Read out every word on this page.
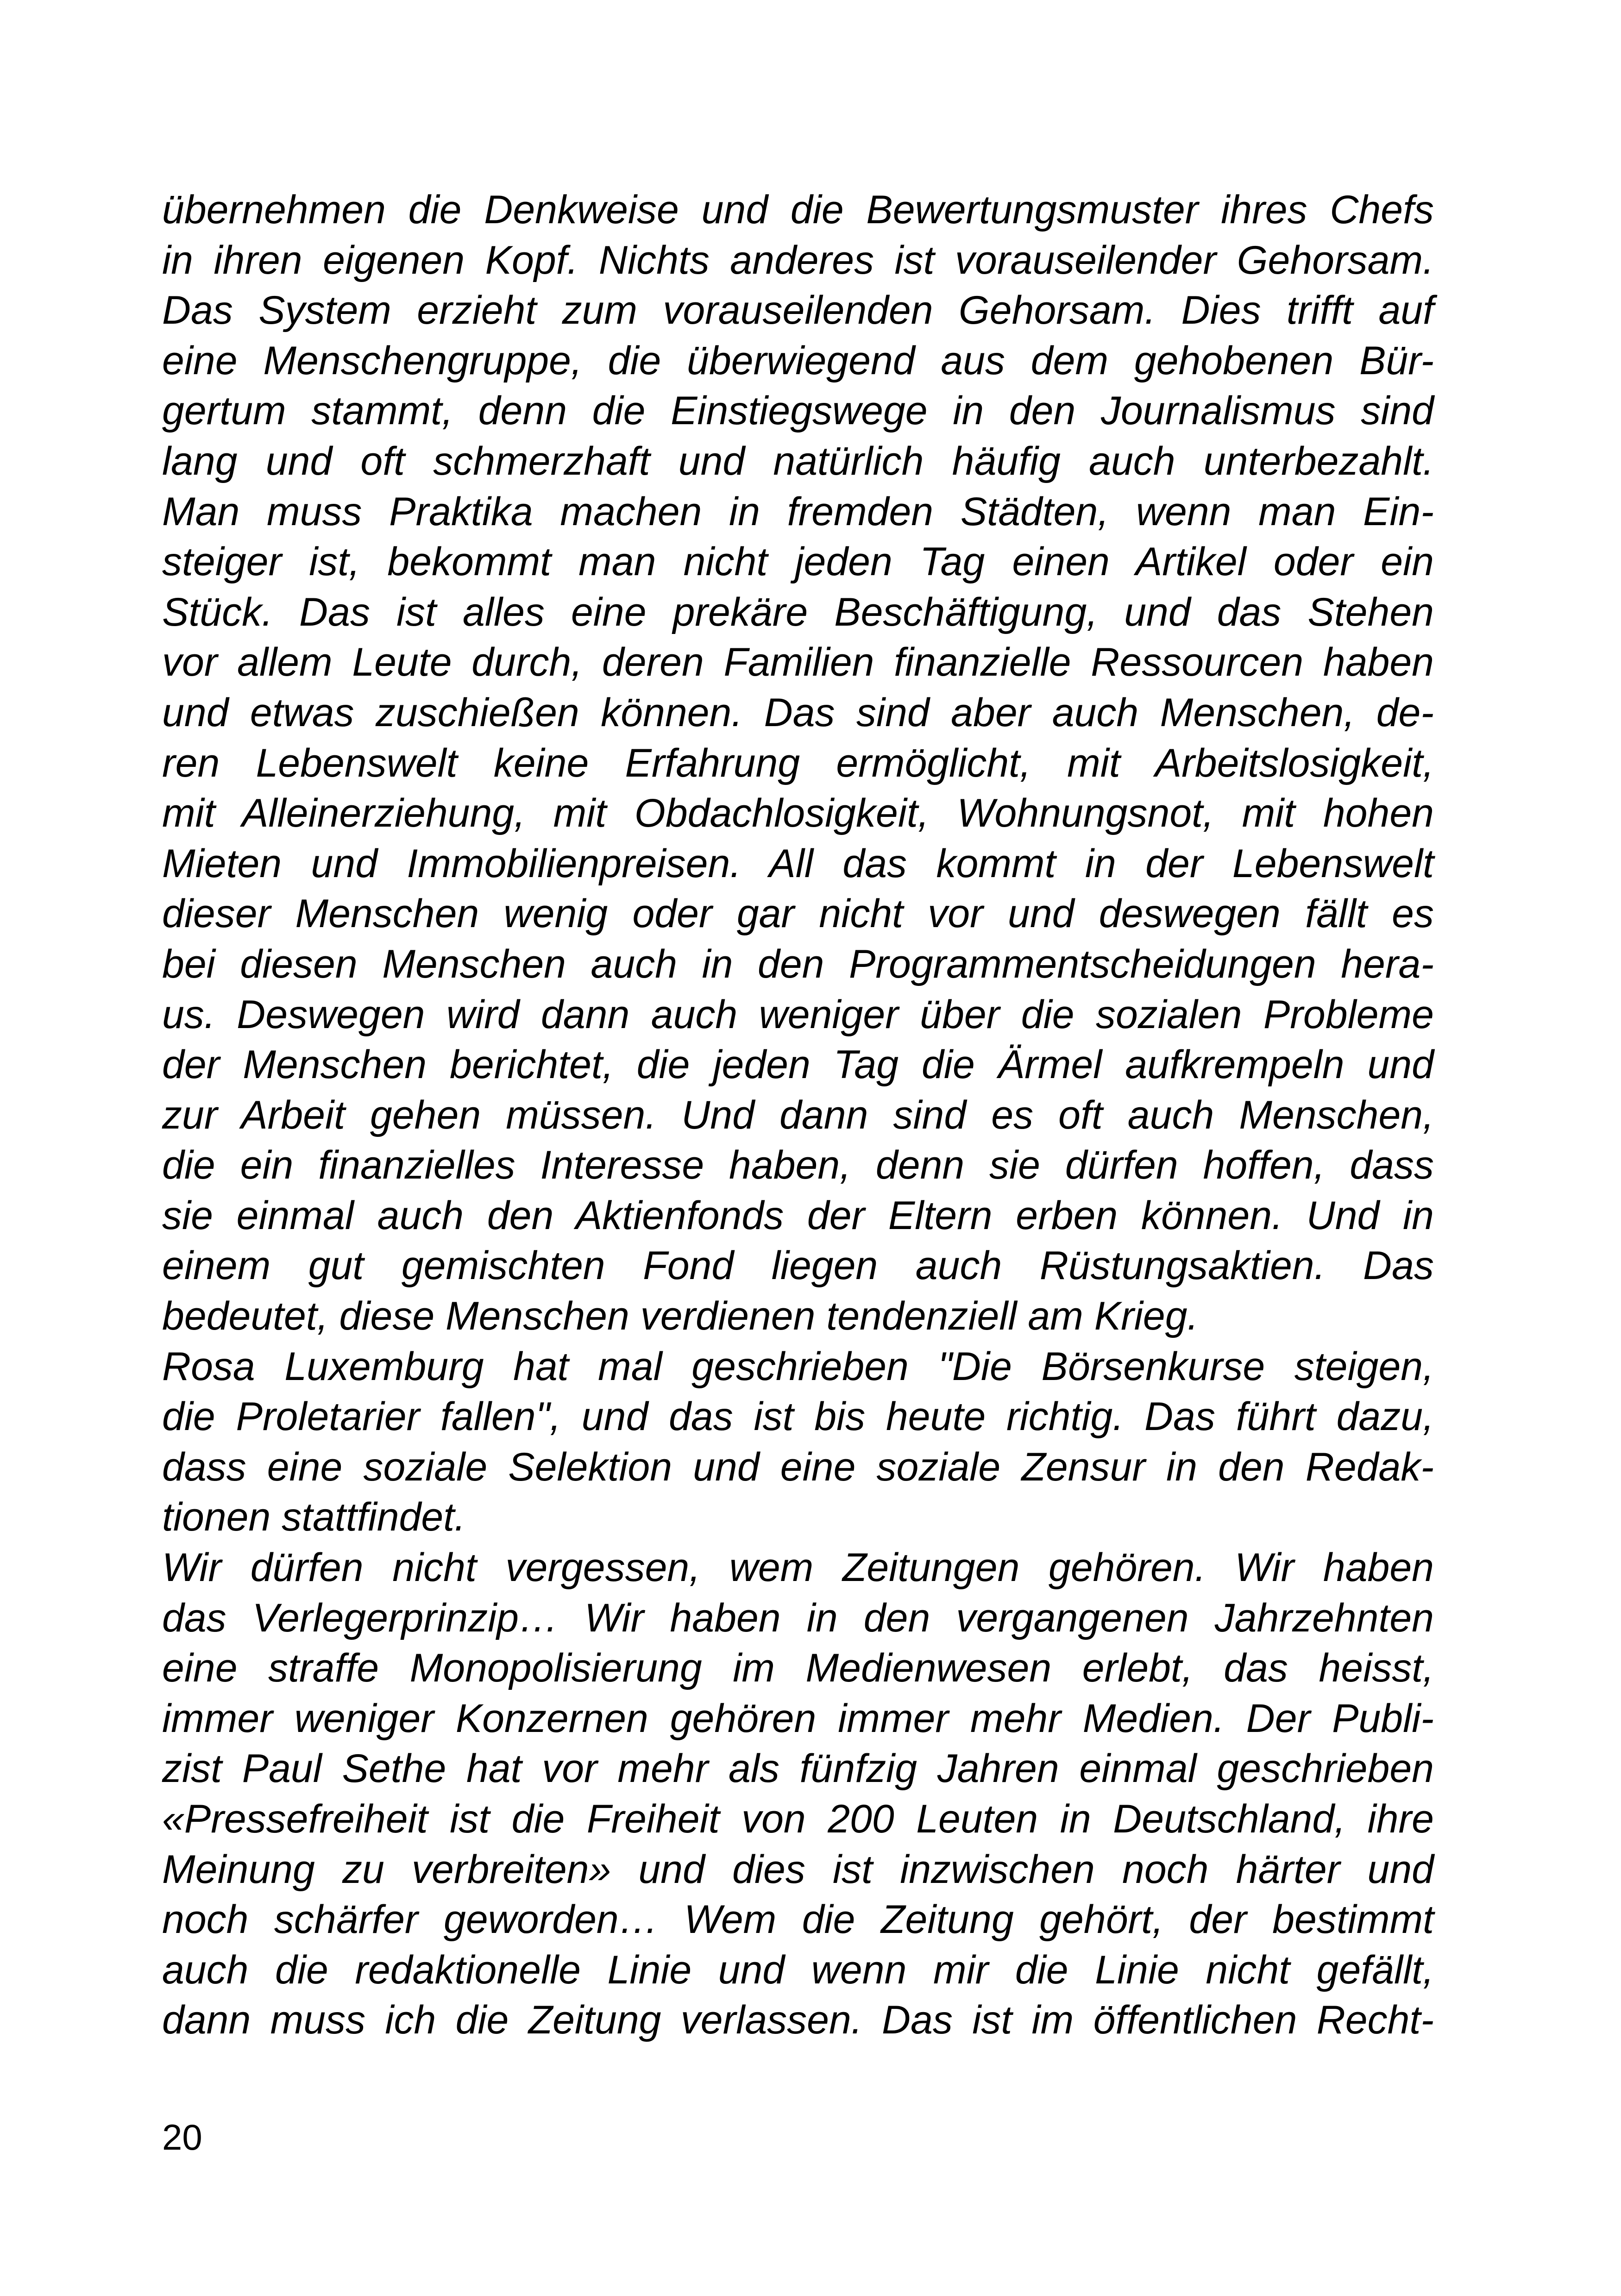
übernehmen die Denkweise und die Bewertungsmuster ihres Chefs
in ihren eigenen Kopf. Nichts anderes ist vorauseilender Gehorsam.
Das System erzieht zum vorauseilenden Gehorsam. Dies trifft auf
eine Menschengruppe, die überwiegend aus dem gehobenen Bür-
gertum stammt, denn die Einstiegswege in den Journalismus sind
lang und oft schmerzhaft und natürlich häufig auch unterbezahlt.
Man muss Praktika machen in fremden Städten, wenn man Ein-
steiger ist, bekommt man nicht jeden Tag einen Artikel oder ein
Stück. Das ist alles eine prekäre Beschäftigung, und das Stehen
vor allem Leute durch, deren Familien finanzielle Ressourcen haben
und etwas zuschießen können. Das sind aber auch Menschen, de-
ren Lebenswelt keine Erfahrung ermöglicht, mit Arbeitslosigkeit,
mit Alleinerziehung, mit Obdachlosigkeit, Wohnungsnot, mit hohen
Mieten und Immobilienpreisen. All das kommt in der Lebenswelt
dieser Menschen wenig oder gar nicht vor und deswegen fällt es
bei diesen Menschen auch in den Programmentscheidungen hera-
us. Deswegen wird dann auch weniger über die sozialen Probleme
der Menschen berichtet, die jeden Tag die Ärmel aufkrempeln und
zur Arbeit gehen müssen. Und dann sind es oft auch Menschen,
die ein finanzielles Interesse haben, denn sie dürfen hoffen, dass
sie einmal auch den Aktienfonds der Eltern erben können. Und in
einem gut gemischten Fond liegen auch Rüstungsaktien. Das
bedeutet, diese Menschen verdienen tendenziell am Krieg.
Rosa Luxemburg hat mal geschrieben "Die Börsenkurse steigen,
die Proletarier fallen", und das ist bis heute richtig. Das führt dazu,
dass eine soziale Selektion und eine soziale Zensur in den Redak-
tionen stattfindet.
Wir dürfen nicht vergessen, wem Zeitungen gehören. Wir haben
das Verlegerprinzip… Wir haben in den vergangenen Jahrzehnten
eine straffe Monopolisierung im Medienwesen erlebt, das heisst,
immer weniger Konzernen gehören immer mehr Medien. Der Publi-
zist Paul Sethe hat vor mehr als fünfzig Jahren einmal geschrieben
«Pressefreiheit ist die Freiheit von 200 Leuten in Deutschland, ihre
Meinung zu verbreiten» und dies ist inzwischen noch härter und
noch schärfer geworden… Wem die Zeitung gehört, der bestimmt
auch die redaktionelle Linie und wenn mir die Linie nicht gefällt,
dann muss ich die Zeitung verlassen. Das ist im öffentlichen Recht-
20
